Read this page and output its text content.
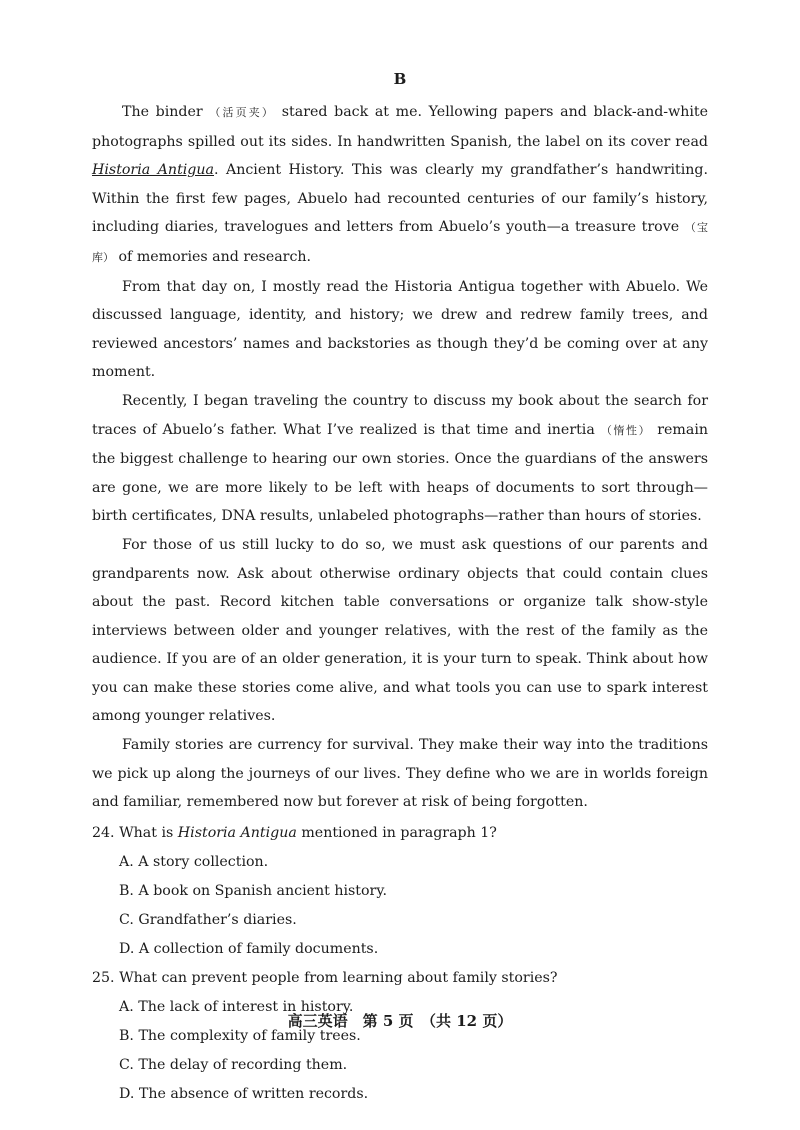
B

The binder （活页夹） stared back at me. Yellowing papers and black-and-white photographs spilled out its sides. In handwritten Spanish, the label on its cover read Historia Antigua. Ancient History. This was clearly my grandfather’s handwriting. Within the first few pages, Abuelo had recounted centuries of our family’s history, including diaries, travelogues and letters from Abuelo’s youth—a treasure trove （宝库） of memories and research.

From that day on, I mostly read the Historia Antigua together with Abuelo. We discussed language, identity, and history; we drew and redrew family trees, and reviewed ancestors’ names and backstories as though they’d be coming over at any moment.

Recently, I began traveling the country to discuss my book about the search for traces of Abuelo’s father. What I’ve realized is that time and inertia （惰性） remain the biggest challenge to hearing our own stories. Once the guardians of the answers are gone, we are more likely to be left with heaps of documents to sort through—birth certificates, DNA results, unlabeled photographs—rather than hours of stories.

For those of us still lucky to do so, we must ask questions of our parents and grandparents now. Ask about otherwise ordinary objects that could contain clues about the past. Record kitchen table conversations or organize talk show-style interviews between older and younger relatives, with the rest of the family as the audience. If you are of an older generation, it is your turn to speak. Think about how you can make these stories come alive, and what tools you can use to spark interest among younger relatives.

Family stories are currency for survival. They make their way into the traditions we pick up along the journeys of our lives. They define who we are in worlds foreign and familiar, remembered now but forever at risk of being forgotten.

24. What is Historia Antigua mentioned in paragraph 1?

A. A story collection.

B. A book on Spanish ancient history.

C. Grandfather’s diaries.

D. A collection of family documents.

25. What can prevent people from learning about family stories?

A. The lack of interest in history.

B. The complexity of family trees.

C. The delay of recording them.

D. The absence of written records.

高三英语　第 5 页　（共 12 页）
